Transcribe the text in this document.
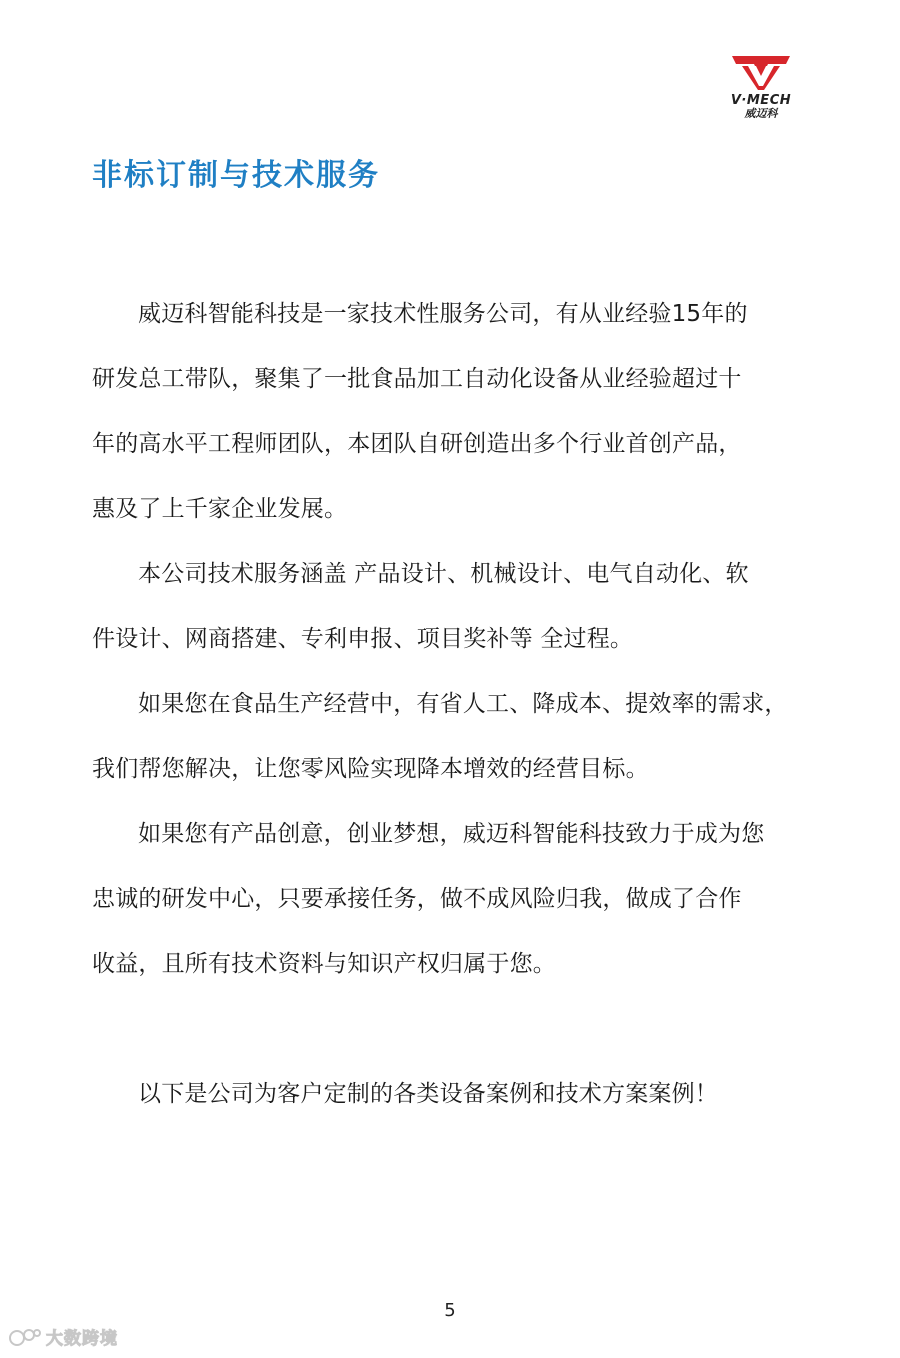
V·MECH
威迈科
非标订制与技术服务
威迈科智能科技是一家技术性服务公司，有从业经验15年的
研发总工带队，聚集了一批食品加工自动化设备从业经验超过十
年的高水平工程师团队，本团队自研创造出多个行业首创产品，
惠及了上千家企业发展。
本公司技术服务涵盖 产品设计、机械设计、电气自动化、软
件设计、网商搭建、专利申报、项目奖补等 全过程。
如果您在食品生产经营中，有省人工、降成本、提效率的需求，
我们帮您解决，让您零风险实现降本增效的经营目标。
如果您有产品创意，创业梦想，威迈科智能科技致力于成为您
忠诚的研发中心，只要承接任务，做不成风险归我，做成了合作
收益，且所有技术资料与知识产权归属于您。
以下是公司为客户定制的各类设备案例和技术方案案例！
5
大数跨境
